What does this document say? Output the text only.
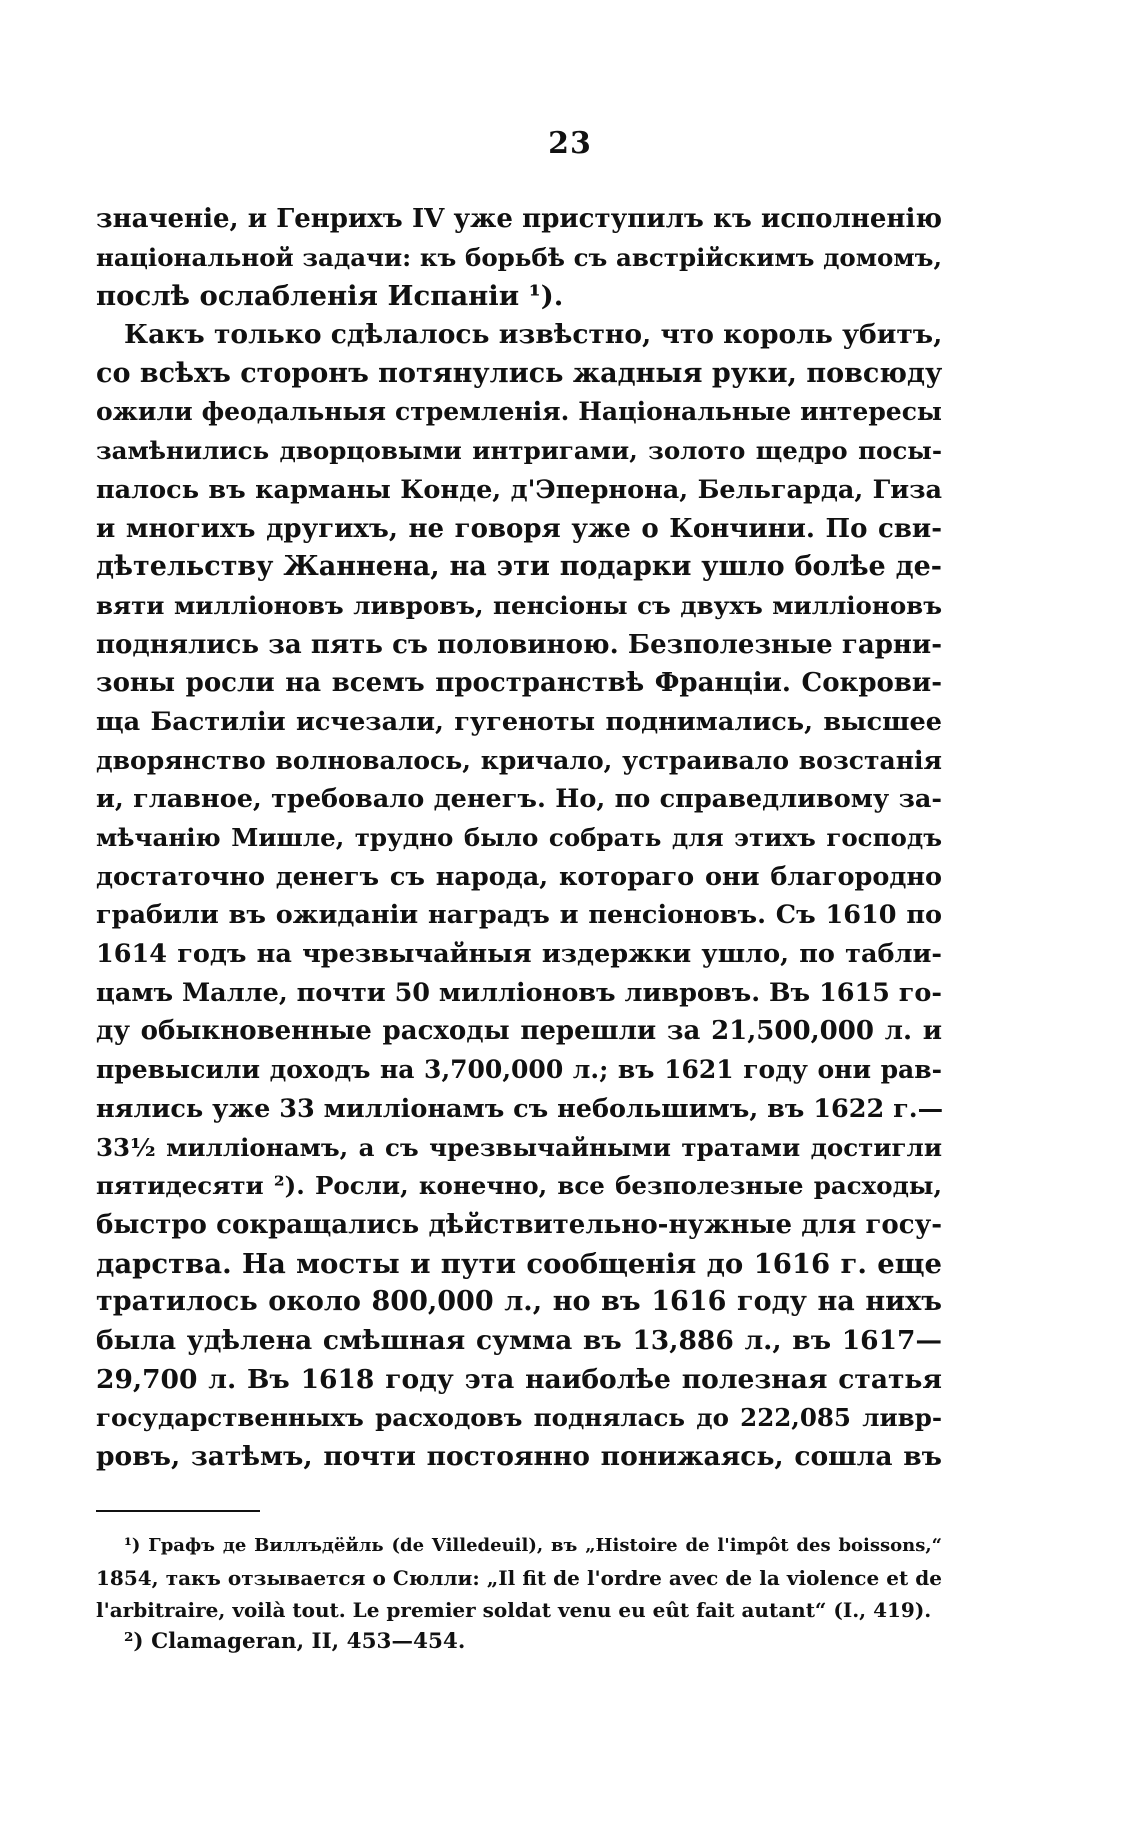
23
значеніе, и Генрихъ IV уже приступилъ къ исполненію
національной задачи: къ борьбѣ съ австрійскимъ домомъ,
послѣ ослабленія Испаніи ¹).
Какъ только сдѣлалось извѣстно, что король убитъ,
со всѣхъ сторонъ потянулись жадныя руки, повсюду
ожили феодальныя стремленія. Національные интересы
замѣнились дворцовыми интригами, золото щедро посы-
палось въ карманы Конде, д'Эпернона, Бельгарда, Гиза
и многихъ другихъ, не говоря уже о Кончини. По сви-
дѣтельству Жаннена, на эти подарки ушло болѣе де-
вяти милліоновъ ливровъ, пенсіоны съ двухъ милліоновъ
поднялись за пять съ половиною. Безполезные гарни-
зоны росли на всемъ пространствѣ Франціи. Сокрови-
ща Бастиліи исчезали, гугеноты поднимались, высшее
дворянство волновалось, кричало, устраивало возстанія
и, главное, требовало денегъ. Но, по справедливому за-
мѣчанію Мишле, трудно было собрать для этихъ господъ
достаточно денегъ съ народа, котораго они благородно
грабили въ ожиданіи наградъ и пенсіоновъ. Съ 1610 по
1614 годъ на чрезвычайныя издержки ушло, по табли-
цамъ Малле, почти 50 милліоновъ ливровъ. Въ 1615 го-
ду обыкновенные расходы перешли за 21,500,000 л. и
превысили доходъ на 3,700,000 л.; въ 1621 году они рав-
нялись уже 33 милліонамъ съ небольшимъ, въ 1622 г.—
33½ милліонамъ, а съ чрезвычайными тратами достигли
пятидесяти ²). Росли, конечно, все безполезные расходы,
быстро сокращались дѣйствительно-нужные для госу-
дарства. На мосты и пути сообщенія до 1616 г. еще
тратилось около 800,000 л., но въ 1616 году на нихъ
была удѣлена смѣшная сумма въ 13,886 л., въ 1617—
29,700 л. Въ 1618 году эта наиболѣе полезная статья
государственныхъ расходовъ поднялась до 222,085 ливр-
ровъ, затѣмъ, почти постоянно понижаясь, сошла въ
¹) Графъ де Виллъдёйль (de Villedeuil), въ „Histoire de l'impôt des boissons,“
1854, такъ отзывается о Сюлли: „Il fit de l'ordre avec de la violence et de
l'arbitraire, voilà tout. Le premier soldat venu eu eût fait autant“ (I., 419).
²) Clamageran, II, 453—454.
